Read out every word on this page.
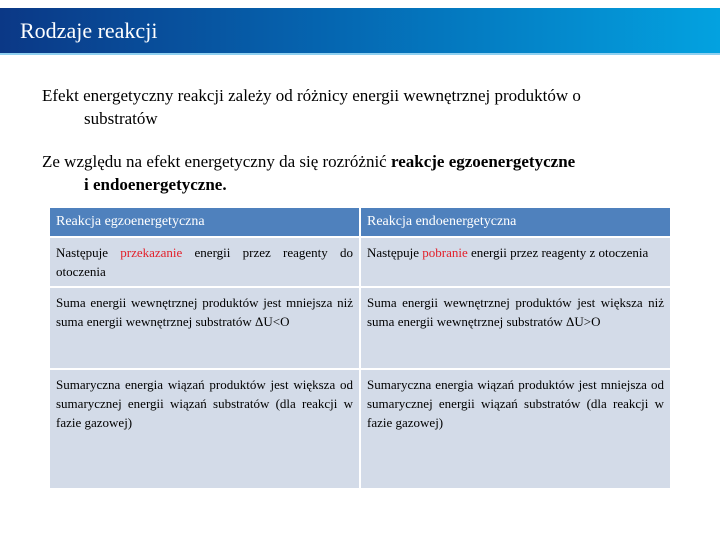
Rodzaje reakcji
Efekt energetyczny reakcji zależy od różnicy energii wewnętrznej produktów o
substratów
Ze względu na efekt energetyczny da się rozróżnić reakcje egzoenergetyczne
i endoenergetyczne.
Reakcja egzoenergetyczna	Reakcja endoenergetyczna
Następuje przekazanie energii przez reagenty do otoczenia	Następuje pobranie energii przez reagenty z otoczenia
Suma energii wewnętrznej produktów jest mniejsza niż suma energii wewnętrznej substratów ΔU<O	Suma energii wewnętrznej produktów jest większa niż suma energii wewnętrznej substratów ΔU>O
Sumaryczna energia wiązań produktów jest większa od sumarycznej energii wiązań substratów (dla reakcji w fazie gazowej)	Sumaryczna energia wiązań produktów jest mniejsza od sumarycznej energii wiązań substratów (dla reakcji w fazie gazowej)
